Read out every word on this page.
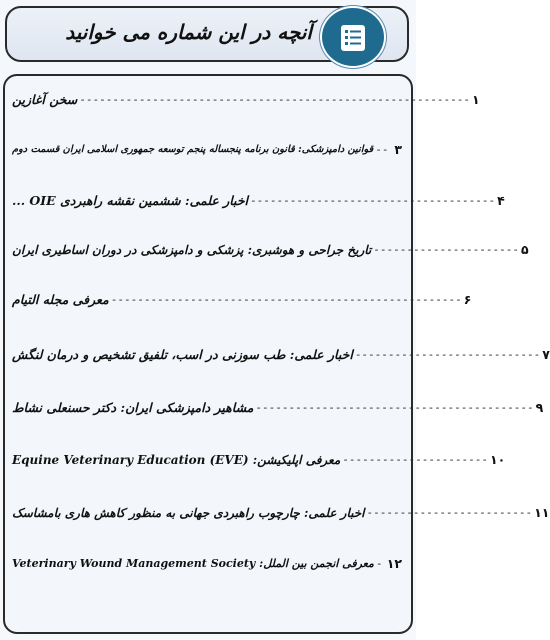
آنچه در این شماره می خوانید
سخن آغازین ----------------------------------------------------------- ۱
قوانین دامپزشکی: قانون برنامه پنجساله پنجم توسعه جمهوری اسلامی ایران قسمت دوم -- ۳
اخبار علمی: ششمین نقشه راهبردی OIE ... ------------------------------------- ۴
تاریخ جراحی و هوشبری: پزشکی و دامپزشکی در دوران اساطیری ایران ---------------------- ۵
معرفی مجله التیام ----------------------------------------------------- ۶
اخبار علمی: طب سوزنی در اسب، تلفیق تشخیص و درمان لنگش ---------------------------- ۷
مشاهیر دامپزشکی ایران: دکتر حسنعلی نشاط ------------------------------------------ ۹
معرفی اپلیکیشن: Equine Veterinary Education (EVE) ---------------------- ۱۰
اخبار علمی: چارچوب راهبردی جهانی به منظور کاهش هاری بامشاسک ------------------------- ۱۱
معرفی انجمن بین الملل: Veterinary Wound Management Society - ۱۲
